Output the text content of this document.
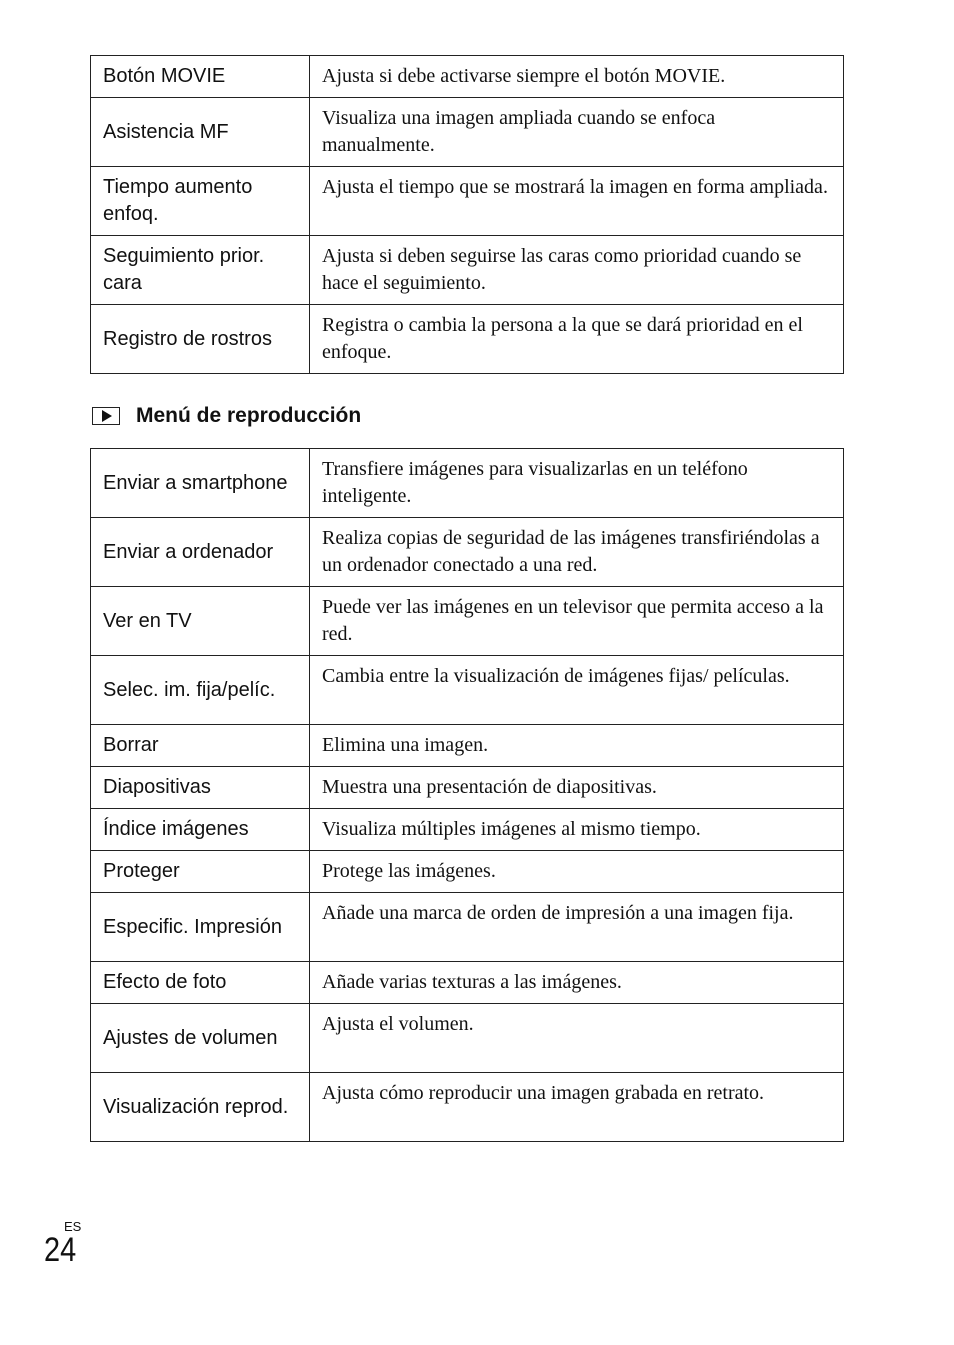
Botón MOVIE	Ajusta si debe activarse siempre el botón MOVIE.
Asistencia MF	Visualiza una imagen ampliada cuando se enfoca manualmente.
Tiempo aumento enfoq.	Ajusta el tiempo que se mostrará la imagen en forma ampliada.
Seguimiento prior. cara	Ajusta si deben seguirse las caras como prioridad cuando se hace el seguimiento.
Registro de rostros	Registra o cambia la persona a la que se dará prioridad en el enfoque.
Menú de reproducción
Enviar a smartphone	Transfiere imágenes para visualizarlas en un teléfono inteligente.
Enviar a ordenador	Realiza copias de seguridad de las imágenes transfiriéndolas a un ordenador conectado a una red.
Ver en TV	Puede ver las imágenes en un televisor que permita acceso a la red.
Selec. im. fija/pelíc.	Cambia entre la visualización de imágenes fijas/ películas.
Borrar	Elimina una imagen.
Diapositivas	Muestra una presentación de diapositivas.
Índice imágenes	Visualiza múltiples imágenes al mismo tiempo.
Proteger	Protege las imágenes.
Especific. Impresión	Añade una marca de orden de impresión a una imagen fija.
Efecto de foto	Añade varias texturas a las imágenes.
Ajustes de volumen	Ajusta el volumen.
Visualización reprod.	Ajusta cómo reproducir una imagen grabada en retrato.
ES
24
